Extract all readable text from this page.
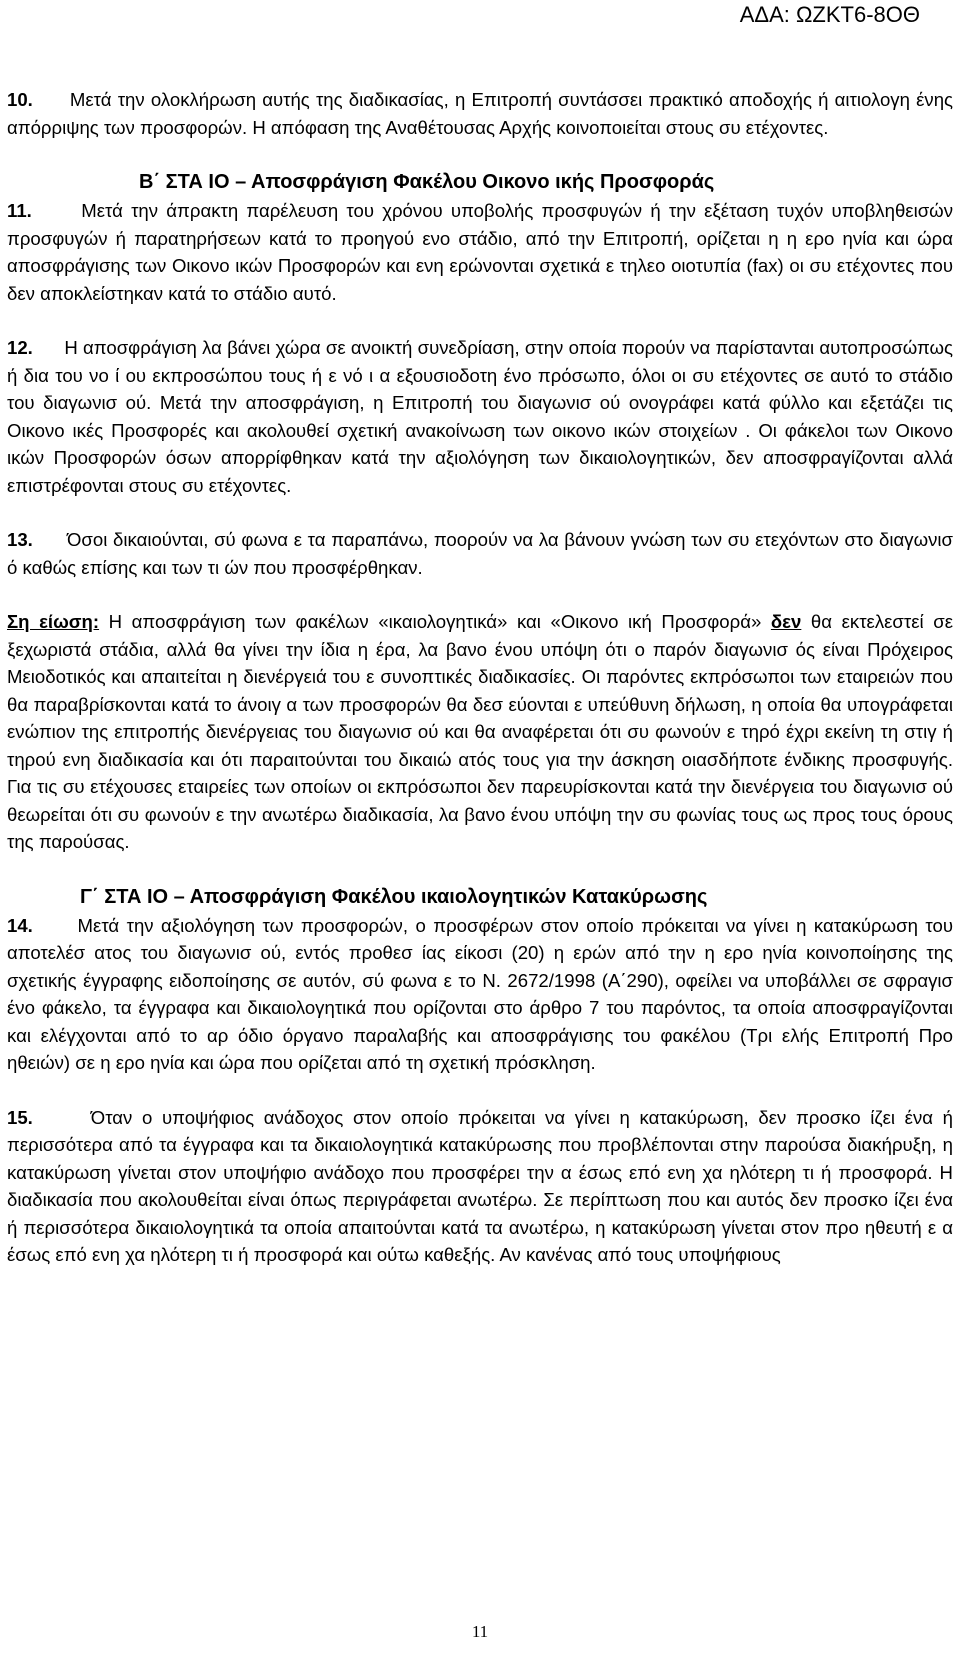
ΑΔΑ: ΩΖΚΤ6-8ΟΘ

10. Μετά την ολοκλήρωση αυτής της διαδικασίας, η Επιτροπή συντάσσει πρακτικό αποδοχής ή αιτιολογη ένης απόρριψης των προσφορών. Η απόφαση της Αναθέτουσας Αρχής κοινοποιείται στους συ ετέχοντες.

Β΄ ΣΤΑ ΙΟ – Αποσφράγιση Φακέλου Οικονο ικής Προσφοράς

11.	Μετά την άπρακτη παρέλευση του χρόνου υποβολής προσφυγών ή την εξέταση τυχόν υποβληθεισών προσφυγών ή παρατηρήσεων κατά το προηγού ενο στάδιο, από την Επιτροπή, ορίζεται η η ερο ηνία και ώρα αποσφράγισης των Οικονο ικών Προσφορών και ενη ερώνονται σχετικά ε τηλεο οιοτυπία (fax) οι συ ετέχοντες που δεν αποκλείστηκαν κατά το στάδιο αυτό.

12. Η αποσφράγιση λα βάνει χώρα σε ανοικτή συνεδρίαση, στην οποία πορούν να παρίστανται αυτοπροσώπως ή δια του νο ί ου εκπροσώπου τους ή ε νό ι α εξουσιοδοτη ένο πρόσωπο, όλοι οι συ ετέχοντες σε αυτό το στάδιο του διαγωνισ ού. Μετά την αποσφράγιση, η Επιτροπή του διαγωνισ ού ονογράφει κατά φύλλο και εξετάζει τις Οικονο ικές Προσφορές και ακολουθεί σχετική ανακοίνωση των οικονο ικών στοιχείων . Οι φάκελοι των Οικονο ικών Προσφορών όσων απορρίφθηκαν κατά την αξιολόγηση των δικαιολογητικών, δεν αποσφραγίζονται αλλά επιστρέφονται στους συ ετέχοντες.

13. Όσοι δικαιούνται, σύ φωνα ε τα παραπάνω, ποορούν να λα βάνουν γνώση των συ ετεχόντων στο διαγωνισ ό καθώς επίσης και των τι ών που προσφέρθηκαν.

Ση είωση: Η αποσφράγιση των φακέλων «ικαιολογητικά» και «Οικονο ική Προσφορά» δεν θα εκτελεστεί σε ξεχωριστά στάδια, αλλά θα γίνει την ίδια η έρα, λα βανο ένου υπόψη ότι ο παρόν διαγωνισ ός είναι Πρόχειρος Μειοδοτικός και απαιτείται η διενέργειά του ε συνοπτικές διαδικασίες. Οι παρόντες εκπρόσωποι των εταιρειών που θα παραβρίσκονται κατά το άνοιγ α των προσφορών θα δεσ εύονται ε υπεύθυνη δήλωση, η οποία θα υπογράφεται ενώπιον της επιτροπής διενέργειας του διαγωνισ ού και θα αναφέρεται ότι συ φωνούν ε τηρό έχρι εκείνη τη στιγ ή τηρού ενη διαδικασία και ότι παραιτούνται του δικαιώ ατός τους για την άσκηση οιασδήποτε ένδικης προσφυγής. Για τις συ ετέχουσες εταιρείες των οποίων οι εκπρόσωποι δεν παρευρίσκονται κατά την διενέργεια του διαγωνισ ού θεωρείται ότι συ φωνούν ε την ανωτέρω διαδικασία, λα βανο ένου υπόψη την συ φωνίας τους ως προς τους όρους της παρούσας.

Γ΄ ΣΤΑ ΙΟ – Αποσφράγιση Φακέλου ικαιολογητικών Κατακύρωσης

14. Μετά την αξιολόγηση των προσφορών, ο προσφέρων στον οποίο πρόκειται να γίνει η κατακύρωση του αποτελέσ ατος του διαγωνισ ού, εντός προθεσ ίας είκοσι (20) η ερών από την η ερο ηνία κοινοποίησης της σχετικής έγγραφης ειδοποίησης σε αυτόν, σύ φωνα ε το Ν. 2672/1998 (Α΄290), οφείλει να υποβάλλει σε σφραγισ ένο φάκελο, τα έγγραφα και δικαιολογητικά που ορίζονται στο άρθρο 7 του παρόντος, τα οποία αποσφραγίζονται και ελέγχονται από το αρ όδιο όργανο παραλαβής και αποσφράγισης του φακέλου (Τρι ελής Επιτροπή Προ ηθειών) σε η ερο ηνία και ώρα που ορίζεται από τη σχετική πρόσκληση.

15.	Όταν ο υποψήφιος ανάδοχος στον οποίο πρόκειται να γίνει η κατακύρωση, δεν προσκο ίζει ένα ή περισσότερα από τα έγγραφα και τα δικαιολογητικά κατακύρωσης που προβλέπονται στην παρούσα διακήρυξη, η κατακύρωση γίνεται στον υποψήφιο ανάδοχο που προσφέρει την α έσως επό ενη χα ηλότερη τι ή προσφορά. Η διαδικασία που ακολουθείται είναι όπως περιγράφεται ανωτέρω. Σε περίπτωση που και αυτός δεν προσκο ίζει ένα ή περισσότερα δικαιολογητικά τα οποία απαιτούνται κατά τα ανωτέρω, η κατακύρωση γίνεται στον προ ηθευτή ε α έσως επό ενη χα ηλότερη τι ή προσφορά και ούτω καθεξής. Αν κανένας από τους υποψήφιους

11
